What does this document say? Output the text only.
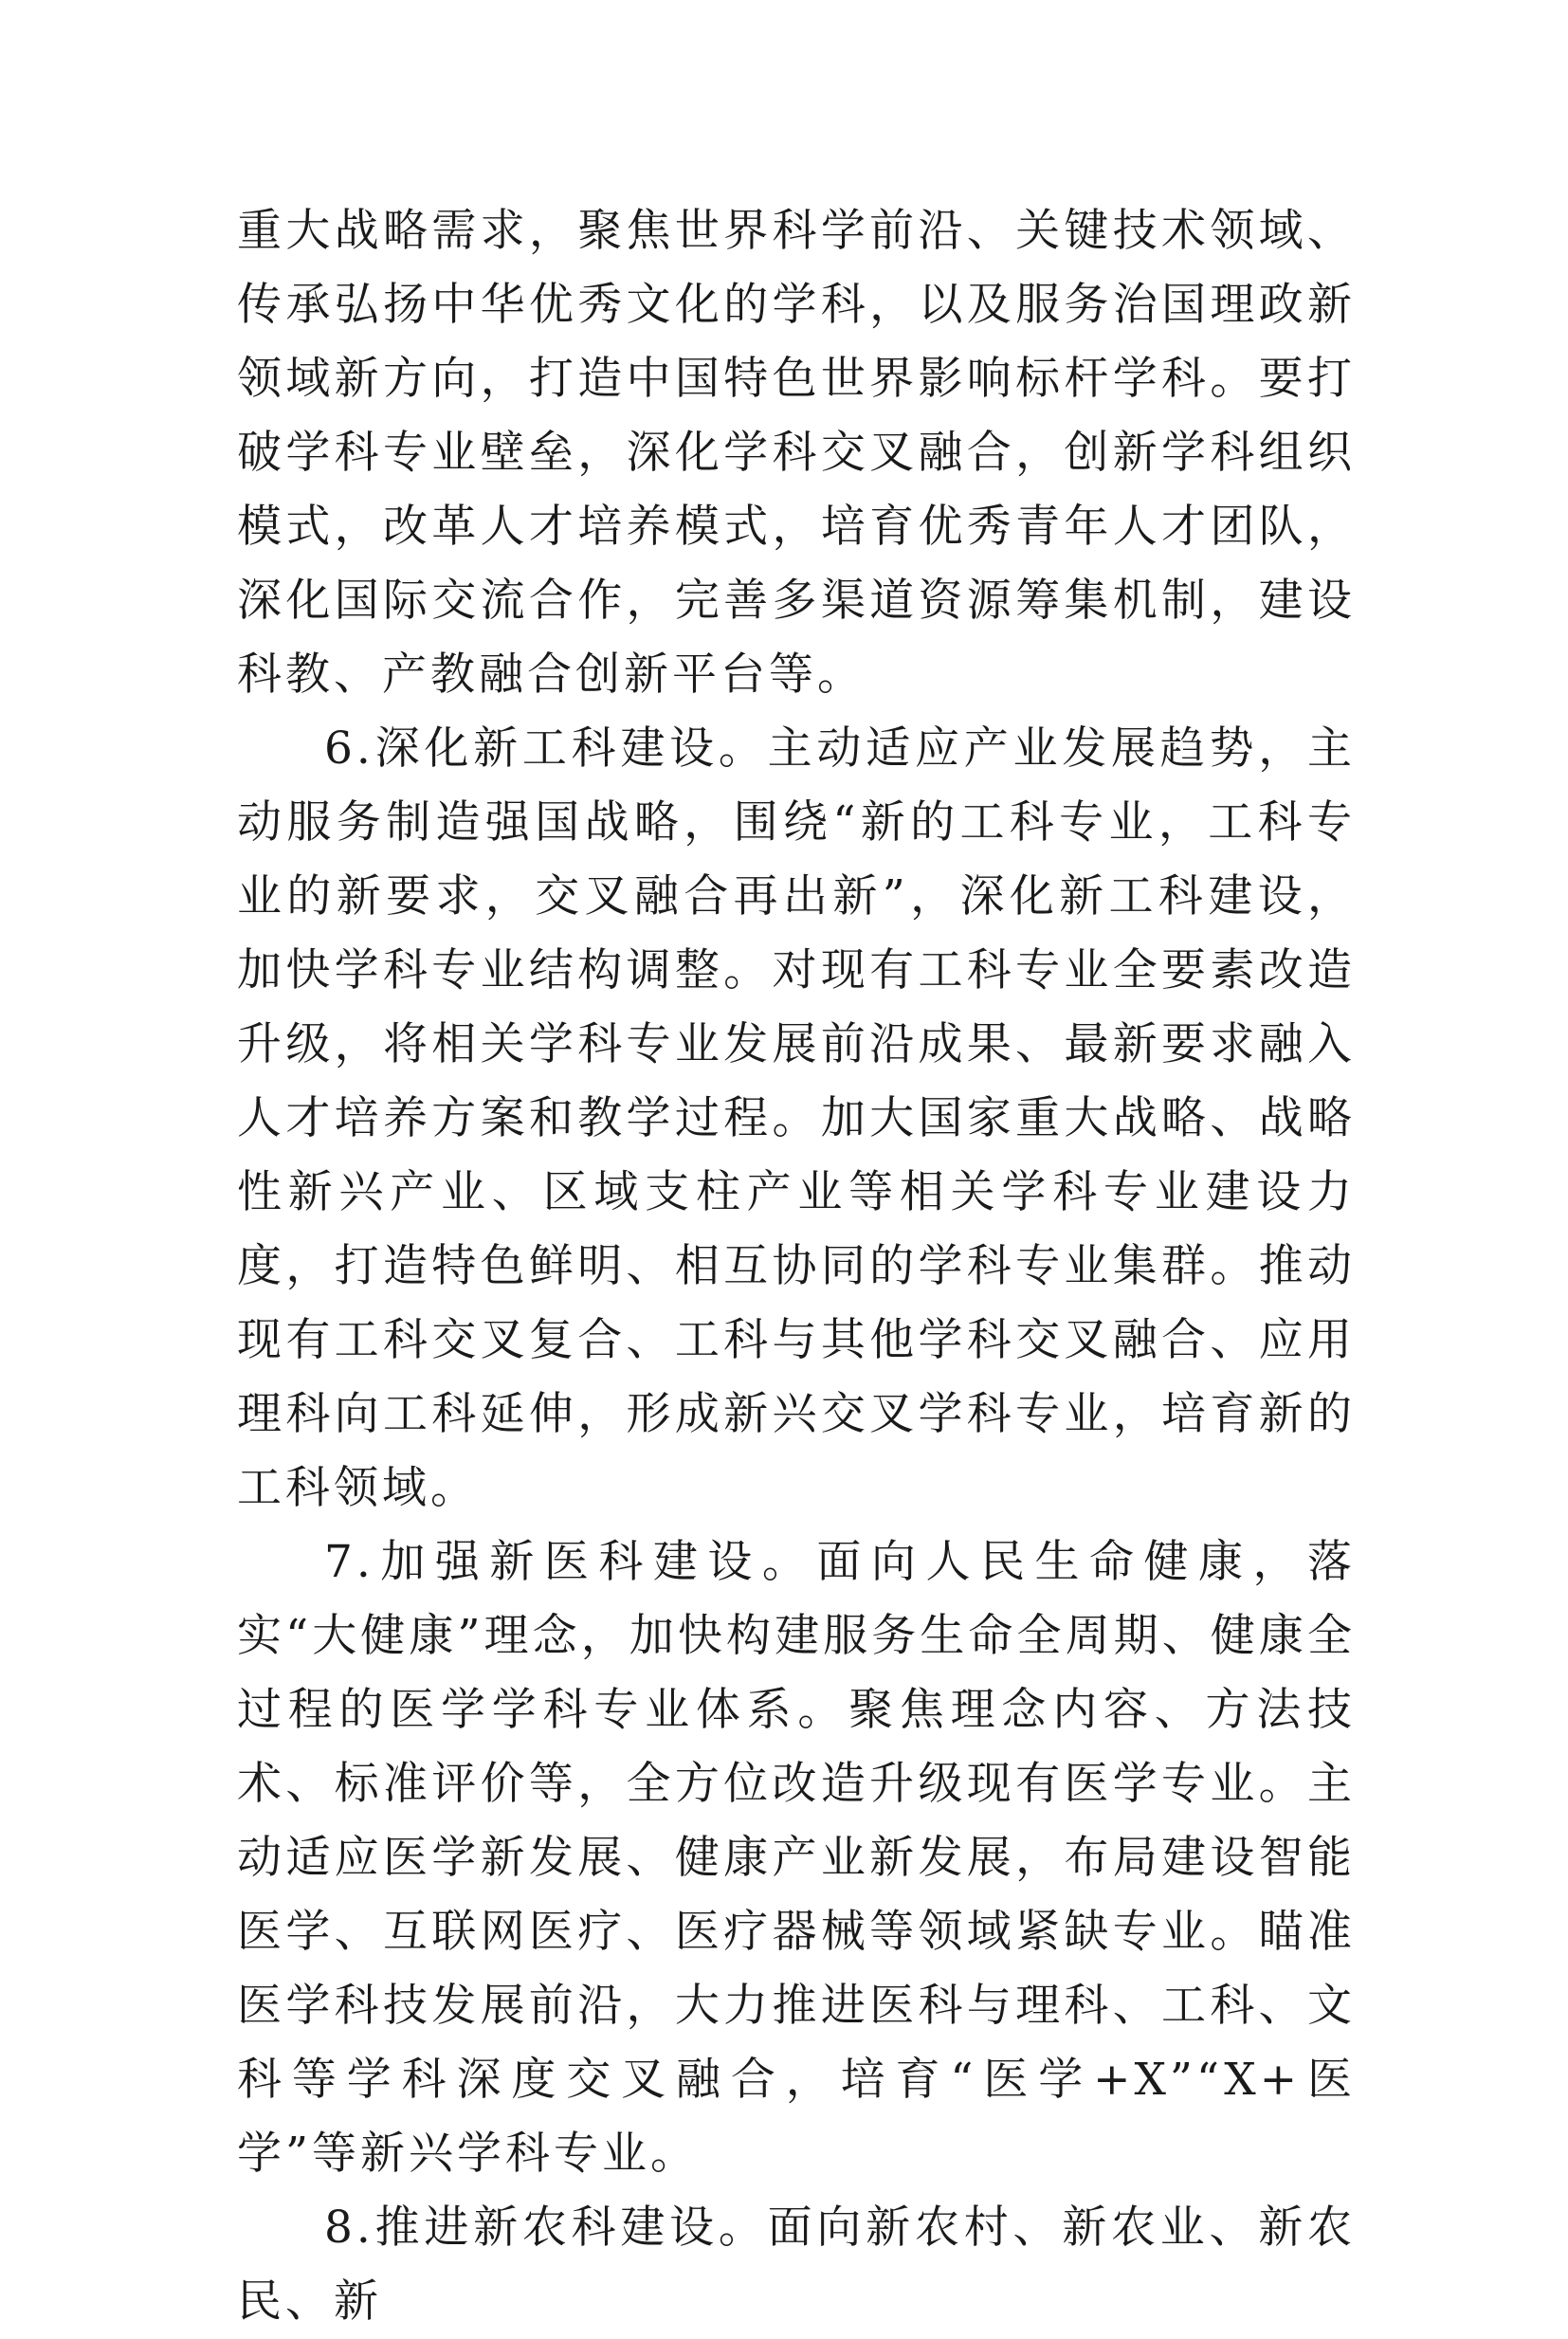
重大战略需求，聚焦世界科学前沿、关键技术领域、传承弘扬中华优秀文化的学科，以及服务治国理政新领域新方向，打造中国特色世界影响标杆学科。要打破学科专业壁垒，深化学科交叉融合，创新学科组织模式，改革人才培养模式，培育优秀青年人才团队，深化国际交流合作，完善多渠道资源筹集机制，建设科教、产教融合创新平台等。

6.深化新工科建设。主动适应产业发展趋势，主动服务制造强国战略，围绕“新的工科专业，工科专业的新要求，交叉融合再出新”，深化新工科建设，加快学科专业结构调整。对现有工科专业全要素改造升级，将相关学科专业发展前沿成果、最新要求融入人才培养方案和教学过程。加大国家重大战略、战略性新兴产业、区域支柱产业等相关学科专业建设力度，打造特色鲜明、相互协同的学科专业集群。推动现有工科交叉复合、工科与其他学科交叉融合、应用理科向工科延伸，形成新兴交叉学科专业，培育新的工科领域。

7.加强新医科建设。面向人民生命健康，落实“大健康”理念，加快构建服务生命全周期、健康全过程的医学学科专业体系。聚焦理念内容、方法技术、标准评价等，全方位改造升级现有医学专业。主动适应医学新发展、健康产业新发展，布局建设智能医学、互联网医疗、医疗器械等领域紧缺专业。瞄准医学科技发展前沿，大力推进医科与理科、工科、文科等学科深度交叉融合，培育“医学+X”“X+医学”等新兴学科专业。

8.推进新农科建设。面向新农村、新农业、新农民、新
